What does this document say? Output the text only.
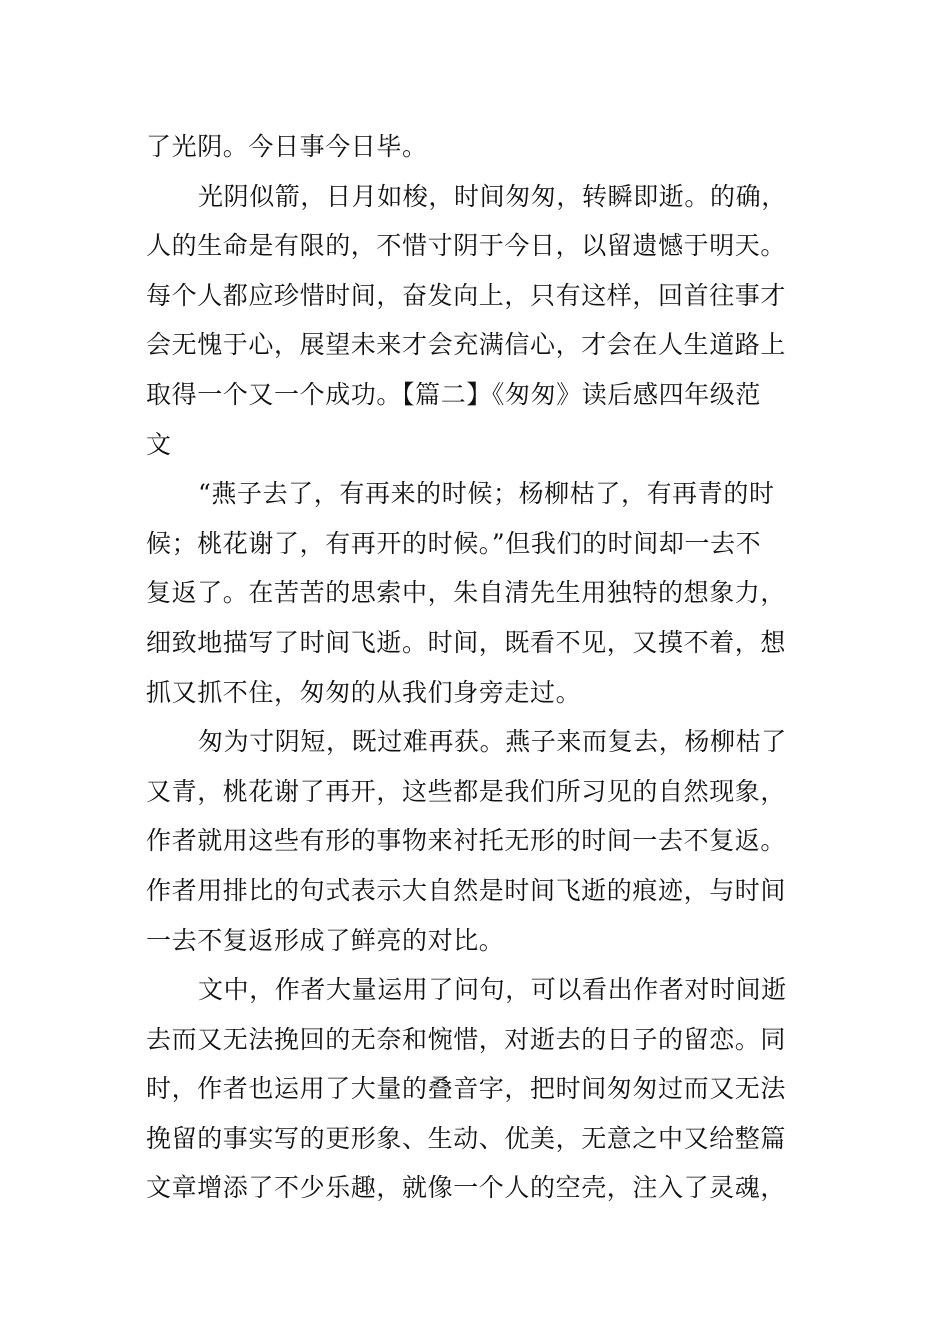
了光阴。今日事今日毕。
光阴似箭，日月如梭，时间匆匆，转瞬即逝。的确，
人的生命是有限的，不惜寸阴于今日，以留遗憾于明天。
每个人都应珍惜时间，奋发向上，只有这样，回首往事才
会无愧于心，展望未来才会充满信心，才会在人生道路上
取得一个又一个成功。【篇二】《匆匆》读后感四年级范
文
“燕子去了，有再来的时候；杨柳枯了，有再青的时
候；桃花谢了，有再开的时候。”但我们的时间却一去不
复返了。在苦苦的思索中，朱自清先生用独特的想象力，
细致地描写了时间飞逝。时间，既看不见，又摸不着，想
抓又抓不住，匆匆的从我们身旁走过。
匆为寸阴短，既过难再获。燕子来而复去，杨柳枯了
又青，桃花谢了再开，这些都是我们所习见的自然现象，
作者就用这些有形的事物来衬托无形的时间一去不复返。
作者用排比的句式表示大自然是时间飞逝的痕迹，与时间
一去不复返形成了鲜亮的对比。
文中，作者大量运用了问句，可以看出作者对时间逝
去而又无法挽回的无奈和惋惜，对逝去的日子的留恋。同
时，作者也运用了大量的叠音字，把时间匆匆过而又无法
挽留的事实写的更形象、生动、优美，无意之中又给整篇
文章增添了不少乐趣，就像一个人的空壳，注入了灵魂，
